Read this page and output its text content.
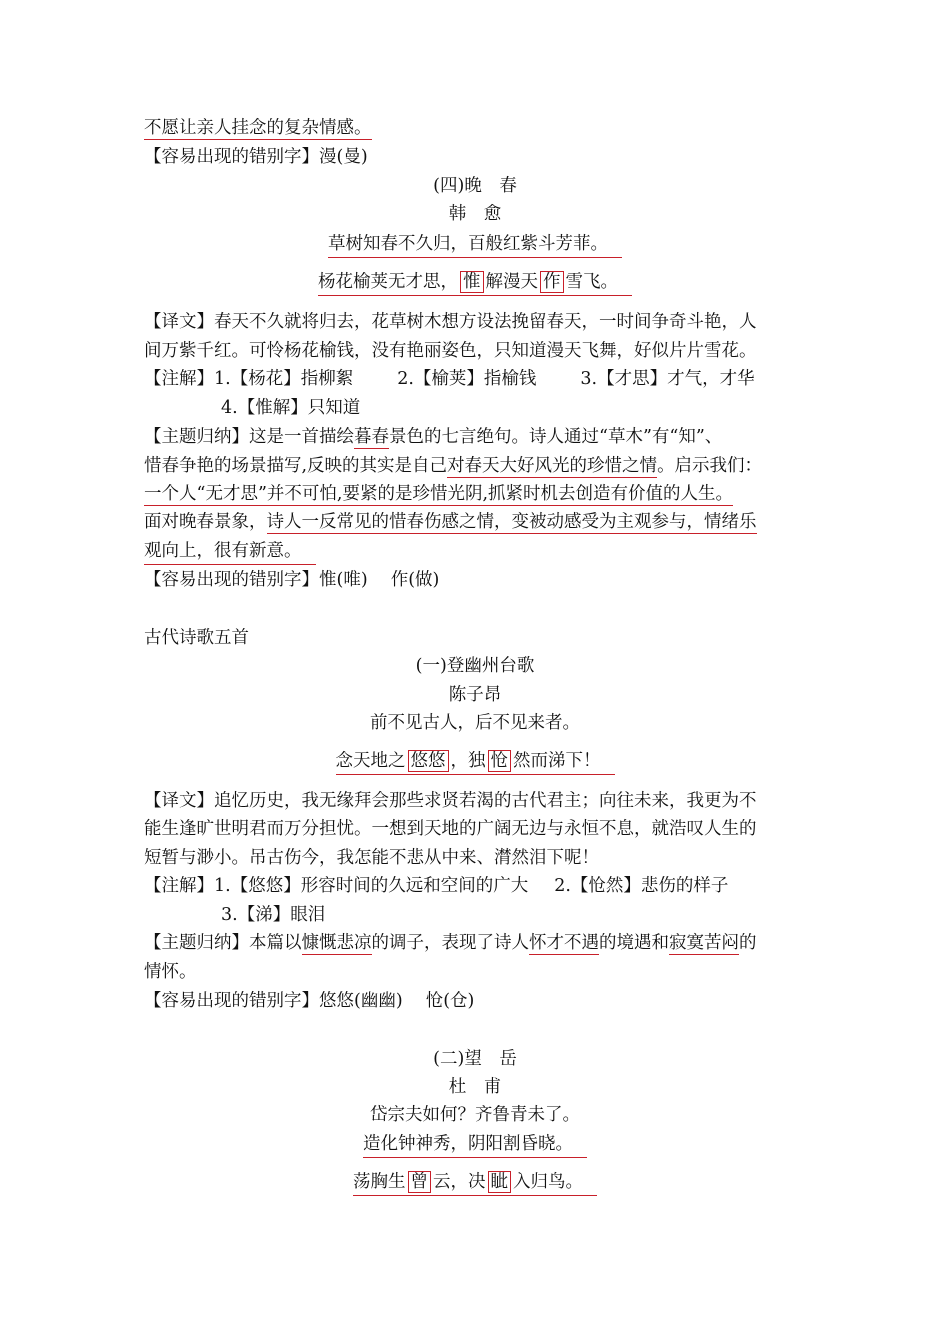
不愿让亲人挂念的复杂情感。
【容易出现的错别字】漫(曼)
(四)晚　春
韩　愈
草树知春不久归，百般红紫斗芳菲。
杨花榆荚无才思， 惟 解漫天 作 雪飞。
【译文】春天不久就将归去，花草树木想方设法挽留春天，一时间争奇斗艳，人
间万紫千红。可怜杨花榆钱，没有艳丽姿色，只知道漫天飞舞，好似片片雪花。
【注解】1.【杨花】指柳絮	2.【榆荚】指榆钱	3.【才思】才气，才华
4.【惟解】只知道
【主题归纳】这是一首描绘暮春景色的七言绝句。诗人通过“草木”有“知”、
惜春争艳的场景描写,反映的其实是自己对春天大好风光的珍惜之情。启示我们：
一个人“无才思”并不可怕,要紧的是珍惜光阴,抓紧时机去创造有价值的人生。
面对晚春景象，诗人一反常见的惜春伤感之情，变被动感受为主观参与，情绪乐
观向上，很有新意。
【容易出现的错别字】惟(唯)　 作(做)
古代诗歌五首
(一)登幽州台歌
陈子昂
前不见古人，后不见来者。
念天地之 悠悠 ，独 怆 然而涕下！
【译文】追忆历史，我无缘拜会那些求贤若渴的古代君主；向往未来，我更为不
能生逢旷世明君而万分担忧。一想到天地的广阔无边与永恒不息，就浩叹人生的
短暂与渺小。吊古伤今，我怎能不悲从中来、潸然泪下呢！
【注解】1.【悠悠】形容时间的久远和空间的广大 2.【怆然】悲伤的样子
3.【涕】眼泪
【主题归纳】本篇以慷慨悲凉的调子，表现了诗人怀才不遇的境遇和寂寞苦闷的
情怀。
【容易出现的错别字】悠悠(幽幽)　 怆(仓)
(二)望　岳
杜　甫
岱宗夫如何？齐鲁青未了。
造化钟神秀，阴阳割昏晓。
荡胸生 曾 云，决 眦 入归鸟。
